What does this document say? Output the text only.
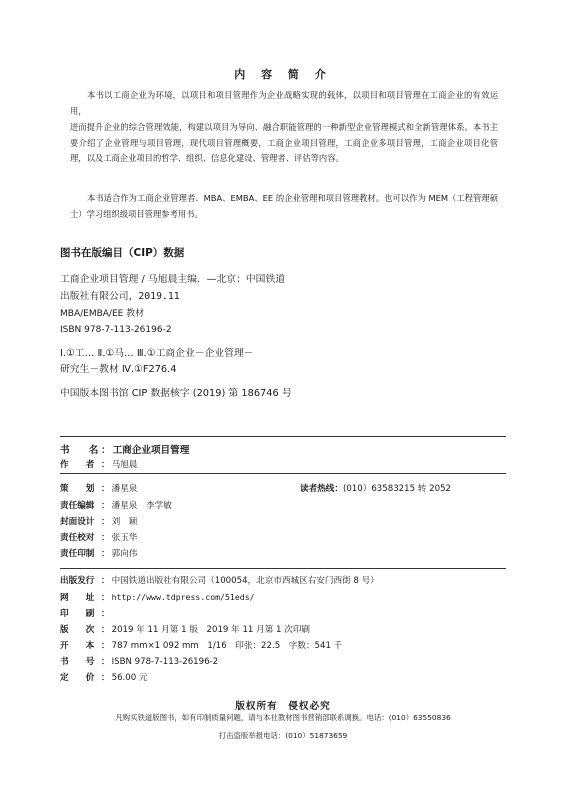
内 容 简 介

本书以工商企业为环境，以项目和项目管理作为企业战略实现的载体，以项目和项目管理在工商企业的有效运用，

进而提升企业的综合管理效能，构建以项目为导向、融合职能管理的一种新型企业管理模式和全新管理体系。本书主要介绍了企业管理与项目管理，现代项目管理概要，工商企业项目管理，工商企业多项目管理，工商企业项目化管理，以及工商企业项目的哲学、组织、信息化建设、管理者、评估等内容。

本书适合作为工商企业管理者、MBA、EMBA、EE 的企业管理和项目管理教材。也可以作为 MEM（工程管理硕士）学习组织级项目管理参考用书。

图书在版编目（CIP）数据
工商企业项目管理 / 马旭晨主编．—北京：中国铁道
出版社有限公司，2019.11
MBA/EMBA/EE 教材
ISBN 978-7-113-26196-2
Ⅰ.①工… Ⅱ.①马… Ⅲ.①工商企业－企业管理－
研究生－教材 Ⅳ.①F276.4
中国版本图书馆 CIP 数据核字 (2019) 第 186746 号
书　　名 ： 工商企业项目管理
作　　者 ： 马旭晨
策　　划 ： 潘星泉	读者热线：(010）63583215 转 2052
责任编辑 ： 潘星泉　李学敏
封面设计 ： 刘　颖
责任校对 ： 张玉华
责任印制 ： 郭向伟
出版发行 ： 中国铁道出版社有限公司（100054，北京市西城区右安门西街 8 号）
网　　址 ： http://www.tdpress.com/51eds/
印　　刷 ：
版　　次 ： 2019 年 11 月第 1 版　2019 年 11 月第 1 次印刷
开　　本 ： 787 mm×1 092 mm　1/16　印张：22.5　字数：541 千
书　　号 ： ISBN 978-7-113-26196-2
定　　价 ： 56.00 元
版权所有　侵权必究
凡购买铁道版图书，如有印制质量问题，请与本社教材图书营销部联系调换。电话：(010）63550836
打击盗版举报电话：(010）51873659
